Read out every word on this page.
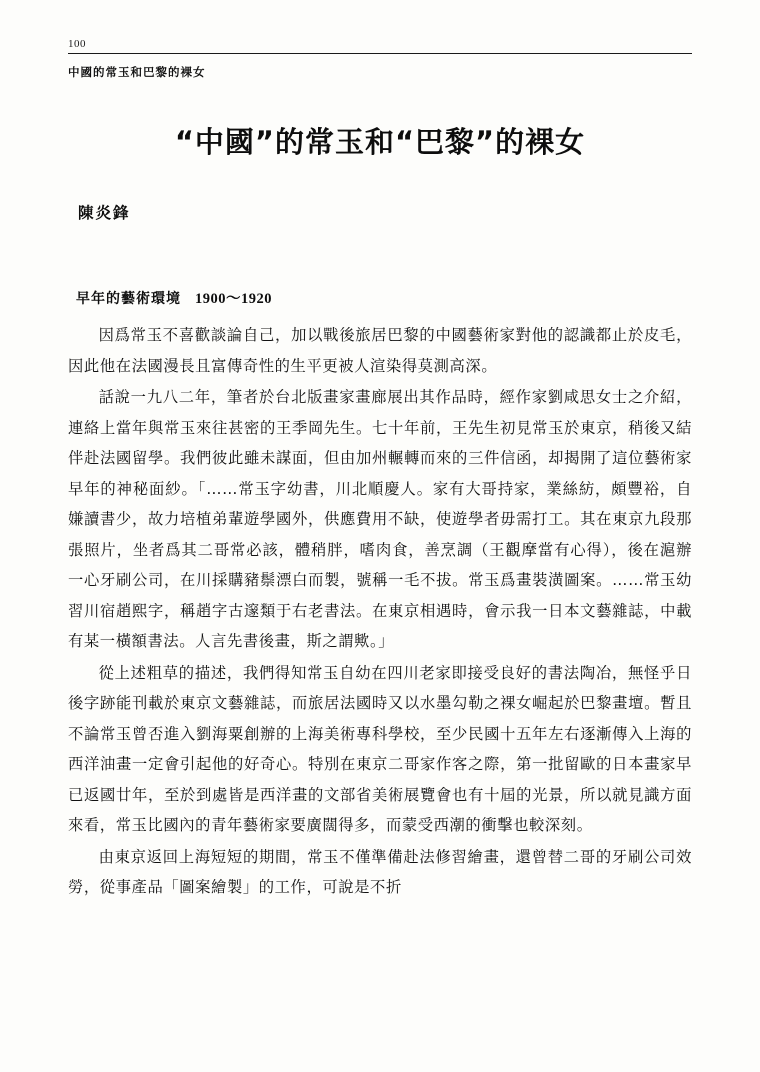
100
中國的常玉和巴黎的裸女
“中國”的常玉和“巴黎”的裸女
陳炎鋒
早年的藝術環境 1900〜1920

因爲常玉不喜歡談論自己，加以戰後旅居巴黎的中國藝術家對他的認識都止於皮毛，因此他在法國漫長且富傳奇性的生平更被人渲染得莫測高深。

話說一九八二年，筆者於台北版畫家畫廊展出其作品時，經作家劉咸思女士之介紹，連絡上當年與常玉來往甚密的王季岡先生。七十年前，王先生初見常玉於東京，稍後又結伴赴法國留學。我們彼此雖未謀面，但由加州輾轉而來的三件信函，却揭開了這位藝術家早年的神秘面紗。「……常玉字幼書，川北順慶人。家有大哥持家，業絲紡，頗豐裕，自嫌讀書少，故力培植弟輩遊學國外，供應費用不缺，使遊學者毋需打工。其在東京九段那張照片，坐者爲其二哥常必該，體稍胖，嗜肉食，善烹調（王觀摩當有心得），後在滬辦一心牙刷公司，在川採購豬鬃漂白而製，號稱一毛不拔。常玉爲畫裝潢圖案。……常玉幼習川宿趙熙字，稱趙字古邃類于右老書法。在東京相遇時，會示我一日本文藝雜誌，中載有某一橫額書法。人言先書後畫，斯之謂歟。」

從上述粗草的描述，我們得知常玉自幼在四川老家即接受良好的書法陶冶，無怪乎日後字跡能刊載於東京文藝雜誌，而旅居法國時又以水墨勾勒之裸女崛起於巴黎畫壇。暫且不論常玉曾否進入劉海粟創辦的上海美術專科學校，至少民國十五年左右逐漸傳入上海的西洋油畫一定會引起他的好奇心。特別在東京二哥家作客之際，第一批留歐的日本畫家早已返國廿年，至於到處皆是西洋畫的文部省美術展覽會也有十屆的光景，所以就見識方面來看，常玉比國內的青年藝術家要廣闊得多，而蒙受西潮的衝擊也較深刻。

由東京返回上海短短的期間，常玉不僅準備赴法修習繪畫，還曾替二哥的牙刷公司效勞，從事產品「圖案繪製」的工作，可說是不折
